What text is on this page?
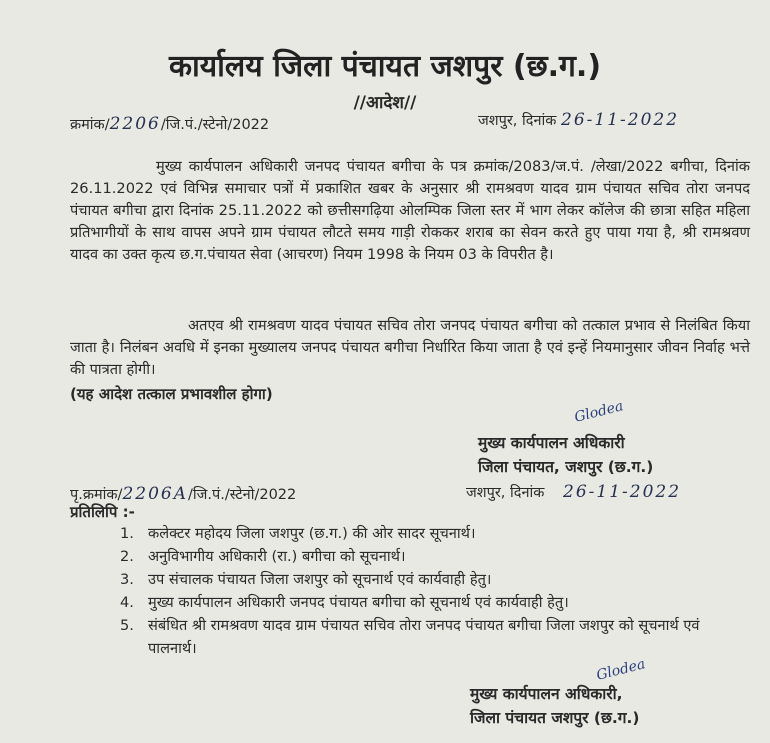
कार्यालय जिला पंचायत जशपुर (छ.ग.)
//आदेश//
क्रमांक/2206/जि.पं./स्टेनो/2022	जशपुर, दिनांक 26-11-2022
मुख्य कार्यपालन अधिकारी जनपद पंचायत बगीचा के पत्र क्रमांक/2083/ज.पं. /लेखा/2022 बगीचा, दिनांक 26.11.2022 एवं विभिन्न समाचार पत्रों में प्रकाशित खबर के अनुसार श्री रामश्रवण यादव ग्राम पंचायत सचिव तोरा जनपद पंचायत बगीचा द्वारा दिनांक 25.11.2022 को छत्तीसगढ़िया ओलम्पिक जिला स्तर में भाग लेकर कॉलेज की छात्रा सहित महिला प्रतिभागीयों के साथ वापस अपने ग्राम पंचायत लौटते समय गाड़ी रोककर शराब का सेवन करते हुए पाया गया है, श्री रामश्रवण यादव का उक्त कृत्य छ.ग.पंचायत सेवा (आचरण) नियम 1998 के नियम 03 के विपरीत है।
अतएव श्री रामश्रवण यादव पंचायत सचिव तोरा जनपद पंचायत बगीचा को तत्काल प्रभाव से निलंबित किया जाता है। निलंबन अवधि में इनका मुख्यालय जनपद पंचायत बगीचा निर्धारित किया जाता है एवं इन्हें नियमानुसार जीवन निर्वाह भत्ते की पात्रता होगी।
(यह आदेश तत्काल प्रभावशील होगा)
Glodea
मुख्य कार्यपालन अधिकारी
जिला पंचायत, जशपुर (छ.ग.)
पृ.क्रमांक/2206A/जि.पं./स्टेनो/2022	जशपुर, दिनांक 26-11-2022
प्रतिलिपि :-
1. कलेक्टर महोदय जिला जशपुर (छ.ग.) की ओर सादर सूचनार्थ।
2. अनुविभागीय अधिकारी (रा.) बगीचा को सूचनार्थ।
3. उप संचालक पंचायत जिला जशपुर को सूचनार्थ एवं कार्यवाही हेतु।
4. मुख्य कार्यपालन अधिकारी जनपद पंचायत बगीचा को सूचनार्थ एवं कार्यवाही हेतु।
5. संबंधित श्री रामश्रवण यादव ग्राम पंचायत सचिव तोरा जनपद पंचायत बगीचा जिला जशपुर को सूचनार्थ एवं पालनार्थ।
Glodea
मुख्य कार्यपालन अधिकारी,
जिला पंचायत जशपुर (छ.ग.)
